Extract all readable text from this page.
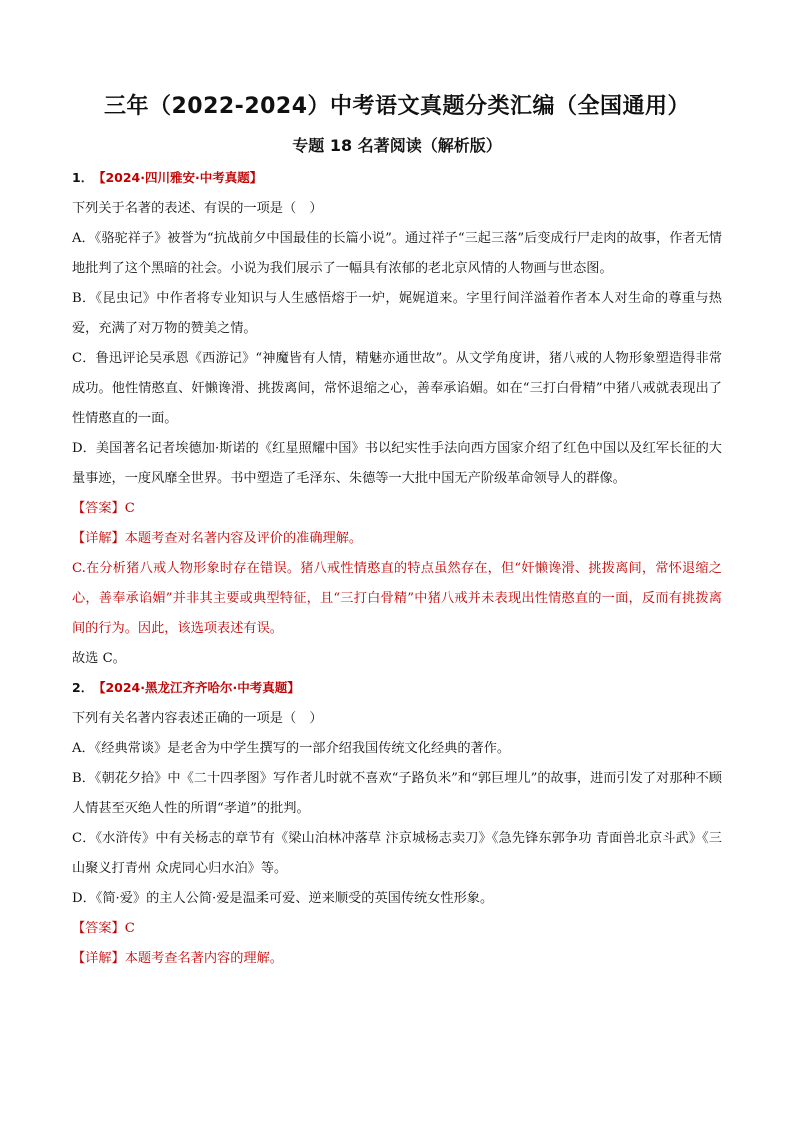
三年（2022-2024）中考语文真题分类汇编（全国通用）
专题 18 名著阅读（解析版）
1． 【2024·四川雅安·中考真题】

下列关于名著的表述、有误的一项是（　）

A．《骆驼祥子》被誉为“抗战前夕中国最佳的长篇小说”。通过祥子“三起三落”后变成行尸走肉的故事，作者无情地批判了这个黑暗的社会。小说为我们展示了一幅具有浓郁的老北京风情的人物画与世态图。

B．《昆虫记》中作者将专业知识与人生感悟熔于一炉，娓娓道来。字里行间洋溢着作者本人对生命的尊重与热爱，充满了对万物的赞美之情。

C．鲁迅评论吴承恩《西游记》“神魔皆有人情，精魅亦通世故”。从文学角度讲，猪八戒的人物形象塑造得非常成功。他性情憨直、奸懒谗滑、挑拨离间，常怀退缩之心，善奉承谄媚。如在“三打白骨精”中猪八戒就表现出了性情憨直的一面。

D．美国著名记者埃德加·斯诺的《红星照耀中国》书以纪实性手法向西方国家介绍了红色中国以及红军长征的大量事迹，一度风靡全世界。书中塑造了毛泽东、朱德等一大批中国无产阶级革命领导人的群像。

【答案】C

【详解】本题考查对名著内容及评价的准确理解。

C.在分析猪八戒人物形象时存在错误。猪八戒性情憨直的特点虽然存在，但“奸懒谗滑、挑拨离间，常怀退缩之心，善奉承谄媚”并非其主要或典型特征，且“三打白骨精”中猪八戒并未表现出性情憨直的一面，反而有挑拨离间的行为。因此，该选项表述有误。

故选 C。

2． 【2024·黑龙江齐齐哈尔·中考真题】

下列有关名著内容表述正确的一项是（　）

A．《经典常谈》是老舍为中学生撰写的一部介绍我国传统文化经典的著作。

B．《朝花夕拾》中《二十四孝图》写作者儿时就不喜欢“子路负米”和“郭巨埋儿”的故事，进而引发了对那种不顾人情甚至灭绝人性的所谓“孝道”的批判。

C．《水浒传》中有关杨志的章节有《梁山泊林冲落草 汴京城杨志卖刀》《急先锋东郭争功 青面兽北京斗武》《三山聚义打青州 众虎同心归水泊》等。

D．《简·爱》的主人公简·爱是温柔可爱、逆来顺受的英国传统女性形象。

【答案】C

【详解】本题考查名著内容的理解。
